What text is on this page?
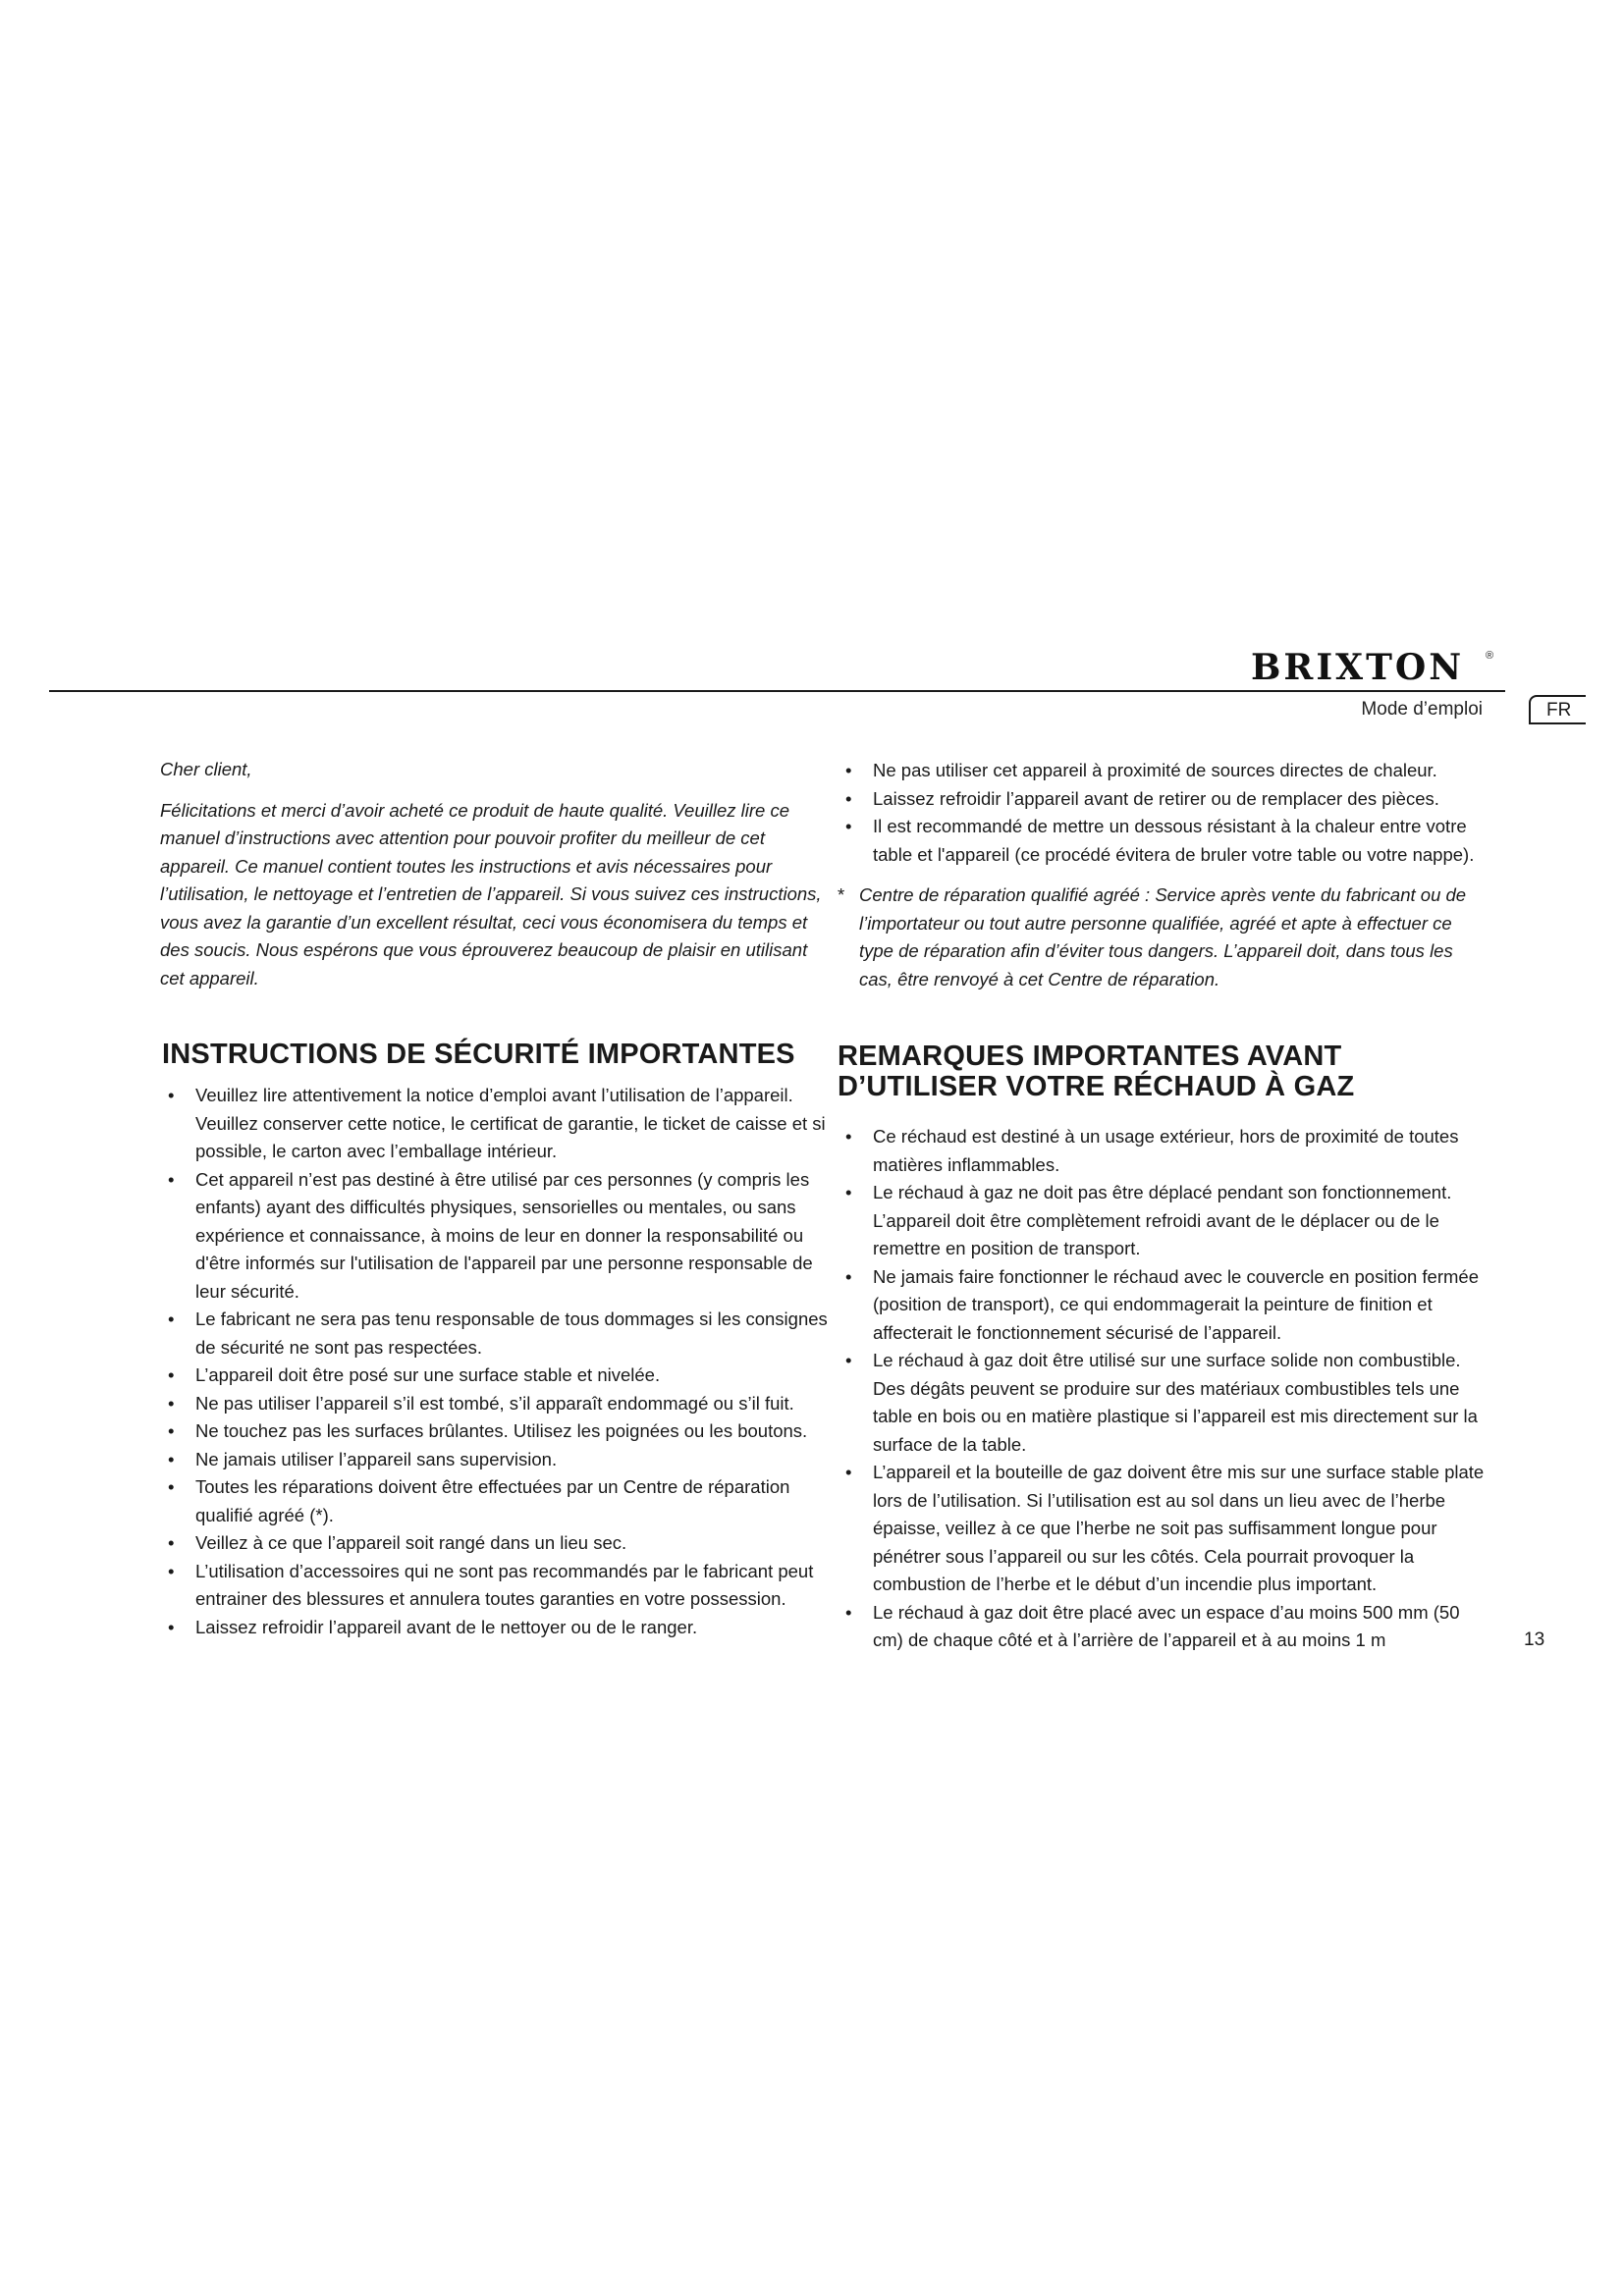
BRIXTON ®
Mode d’emploi	FR

Cher client,

Félicitations et merci d’avoir acheté ce produit de haute qualité. Veuillez lire ce manuel d’instructions avec attention pour pouvoir profiter du meilleur de cet appareil. Ce manuel contient toutes les instructions et avis nécessaires pour l’utilisation, le nettoyage et l’entretien de l’appareil. Si vous suivez ces instructions, vous avez la garantie d’un excellent résultat, ceci vous économisera du temps et des soucis. Nous espérons que vous éprouverez beaucoup de plaisir en utilisant cet appareil.

INSTRUCTIONS DE SÉCURITÉ IMPORTANTES
• Veuillez lire attentivement la notice d’emploi avant l’utilisation de l’appareil. Veuillez conserver cette notice, le certificat de garantie, le ticket de caisse et si possible, le carton avec l’emballage intérieur.
• Cet appareil n’est pas destiné à être utilisé par ces personnes (y compris les enfants) ayant des difficultés physiques, sensorielles ou mentales, ou sans expérience et connaissance, à moins de leur en donner la responsabilité ou d'être informés sur l'utilisation de l'appareil par une personne responsable de leur sécurité.
• Le fabricant ne sera pas tenu responsable de tous dommages si les consignes de sécurité ne sont pas respectées.
• L’appareil doit être posé sur une surface stable et nivelée.
• Ne pas utiliser l’appareil s’il est tombé, s’il apparaît endommagé ou s’il fuit.
• Ne touchez pas les surfaces brûlantes. Utilisez les poignées ou les boutons.
• Ne jamais utiliser l’appareil sans supervision.
• Toutes les réparations doivent être effectuées par un Centre de réparation qualifié agréé (*).
• Veillez à ce que l’appareil soit rangé dans un lieu sec.
• L’utilisation d’accessoires qui ne sont pas recommandés par le fabricant peut entrainer des blessures et annulera toutes garanties en votre possession.
• Laissez refroidir l’appareil avant de le nettoyer ou de le ranger.
• Ne pas utiliser cet appareil à proximité de sources directes de chaleur.
• Laissez refroidir l’appareil avant de retirer ou de remplacer des pièces.
• Il est recommandé de mettre un dessous résistant à la chaleur entre votre table et l'appareil (ce procédé évitera de bruler votre table ou votre nappe).
* Centre de réparation qualifié agréé : Service après vente du fabricant ou de l’importateur ou tout autre personne qualifiée, agréé et apte à effectuer ce type de réparation afin d’éviter tous dangers. L’appareil doit, dans tous les cas, être renvoyé à cet Centre de réparation.
REMARQUES IMPORTANTES AVANT D’UTILISER VOTRE RÉCHAUD À GAZ
• Ce réchaud est destiné à un usage extérieur, hors de proximité de toutes matières inflammables.
• Le réchaud à gaz ne doit pas être déplacé pendant son fonctionnement. L’appareil doit être complètement refroidi avant de le déplacer ou de le remettre en position de transport.
• Ne jamais faire fonctionner le réchaud avec le couvercle en position fermée (position de transport), ce qui endommagerait la peinture de finition et affecterait le fonctionnement sécurisé de l’appareil.
• Le réchaud à gaz doit être utilisé sur une surface solide non combustible. Des dégâts peuvent se produire sur des matériaux combustibles tels une table en bois ou en matière plastique si l’appareil est mis directement sur la surface de la table.
• L’appareil et la bouteille de gaz doivent être mis sur une surface stable plate lors de l’utilisation. Si l’utilisation est au sol dans un lieu avec de l’herbe épaisse, veillez à ce que l’herbe ne soit pas suffisamment longue pour pénétrer sous l’appareil ou sur les côtés. Cela pourrait provoquer la combustion de l’herbe et le début d’un incendie plus important.
• Le réchaud à gaz doit être placé avec un espace d’au moins 500 mm (50 cm) de chaque côté et à l’arrière de l’appareil et à au moins 1 m	13
